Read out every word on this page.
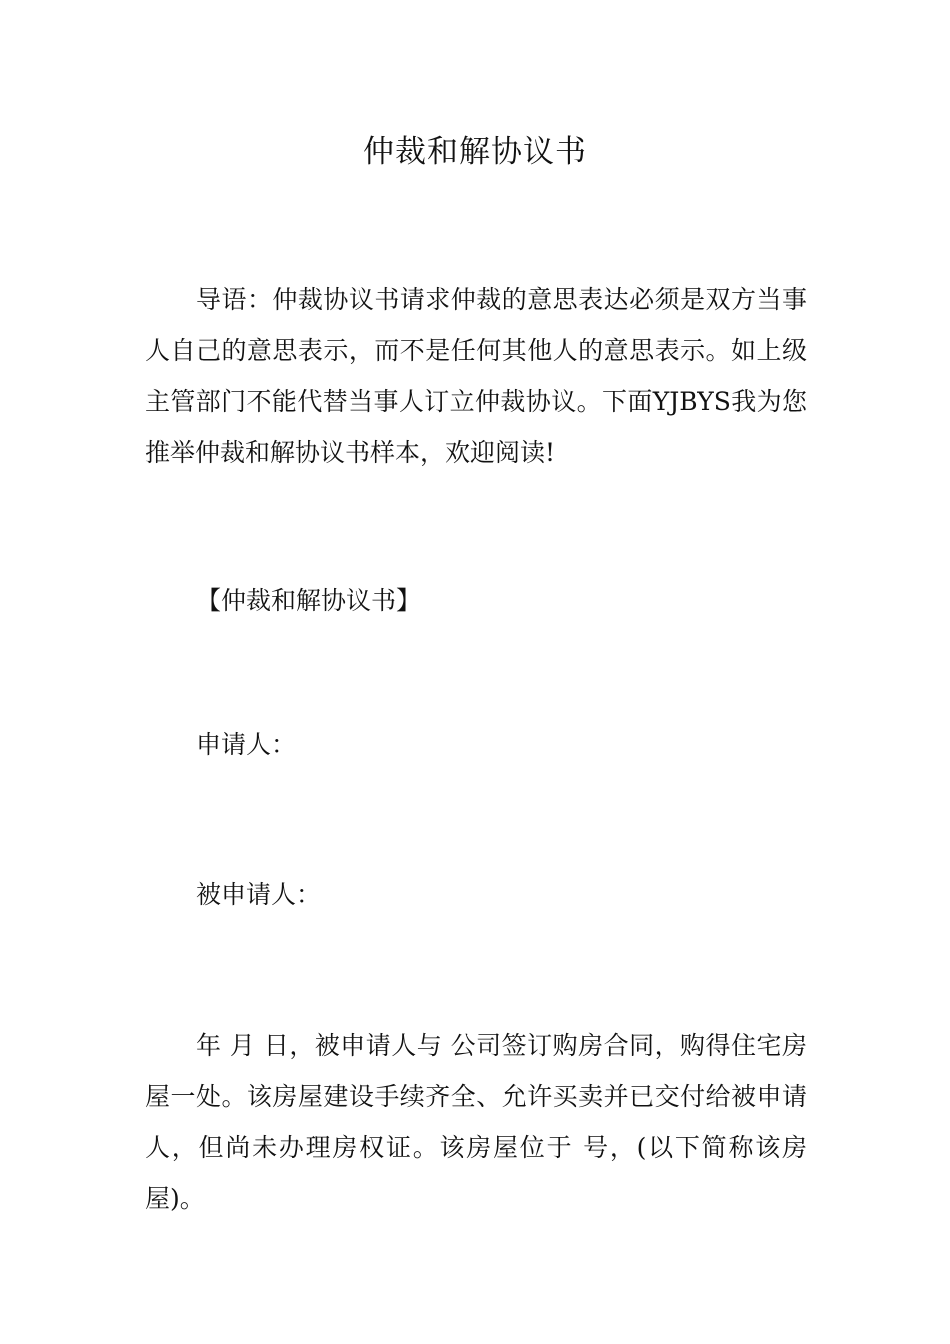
仲裁和解协议书

导语：仲裁协议书请求仲裁的意思表达必须是双方当事人自己的意思表示，而不是任何其他人的意思表示。如上级主管部门不能代替当事人订立仲裁协议。下面YJBYS我为您推举仲裁和解协议书样本，欢迎阅读!

【仲裁和解协议书】

申请人：

被申请人：

年 月 日，被申请人与 公司签订购房合同，购得住宅房屋一处。该房屋建设手续齐全、允许买卖并已交付给被申请人，但尚未办理房权证。该房屋位于 号，(以下简称该房屋)。
